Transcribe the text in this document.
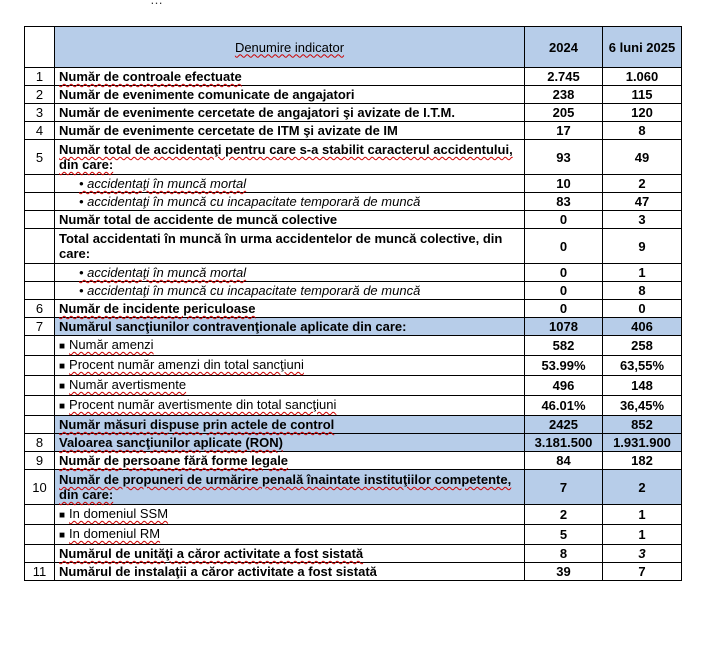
	Denumire indicator	2024	6 luni 2025
1	Număr de controale efectuate	2.745	1.060
2	Număr de evenimente comunicate de angajatori	238	115
3	Număr de evenimente cercetate de angajatori şi avizate de I.T.M.	205	120
4	Număr de evenimente cercetate de ITM şi avizate de IM	17	8
5	Număr total de accidentaţi pentru care s-a stabilit caracterul accidentului, din care:	93	49
	• accidentaţi în muncă mortal	10	2
	• accidentaţi în muncă cu incapacitate temporară de muncă	83	47
	Număr total de accidente de muncă colective	0	3
	Total accidentati în muncă în urma accidentelor de muncă colective, din care:	0	9
	• accidentaţi în muncă mortal	0	1
	• accidentaţi în muncă cu incapacitate temporară de muncă	0	8
6	Număr de incidente periculoase	0	0
7	Numărul sancţiunilor contravenţionale aplicate din care:	1078	406
	■ Număr amenzi	582	258
	■ Procent număr amenzi din total sancţiuni	53.99%	63,55%
	■ Număr avertismente	496	148
	■ Procent număr avertismente din total sancţiuni	46.01%	36,45%
	Număr măsuri dispuse prin actele de control	2425	852
8	Valoarea sancţiunilor aplicate (RON)	3.181.500	1.931.900
9	Număr de persoane fără forme legale	84	182
10	Număr de propuneri de urmărire penală înaintate instituţiilor competente, din care:	7	2
	■ In domeniul SSM	2	1
	■ In domeniul RM	5	1
	Numărul de unităţi a căror activitate a fost sistată	8	3
11	Numărul de instalaţii a căror activitate a fost sistată	39	7
